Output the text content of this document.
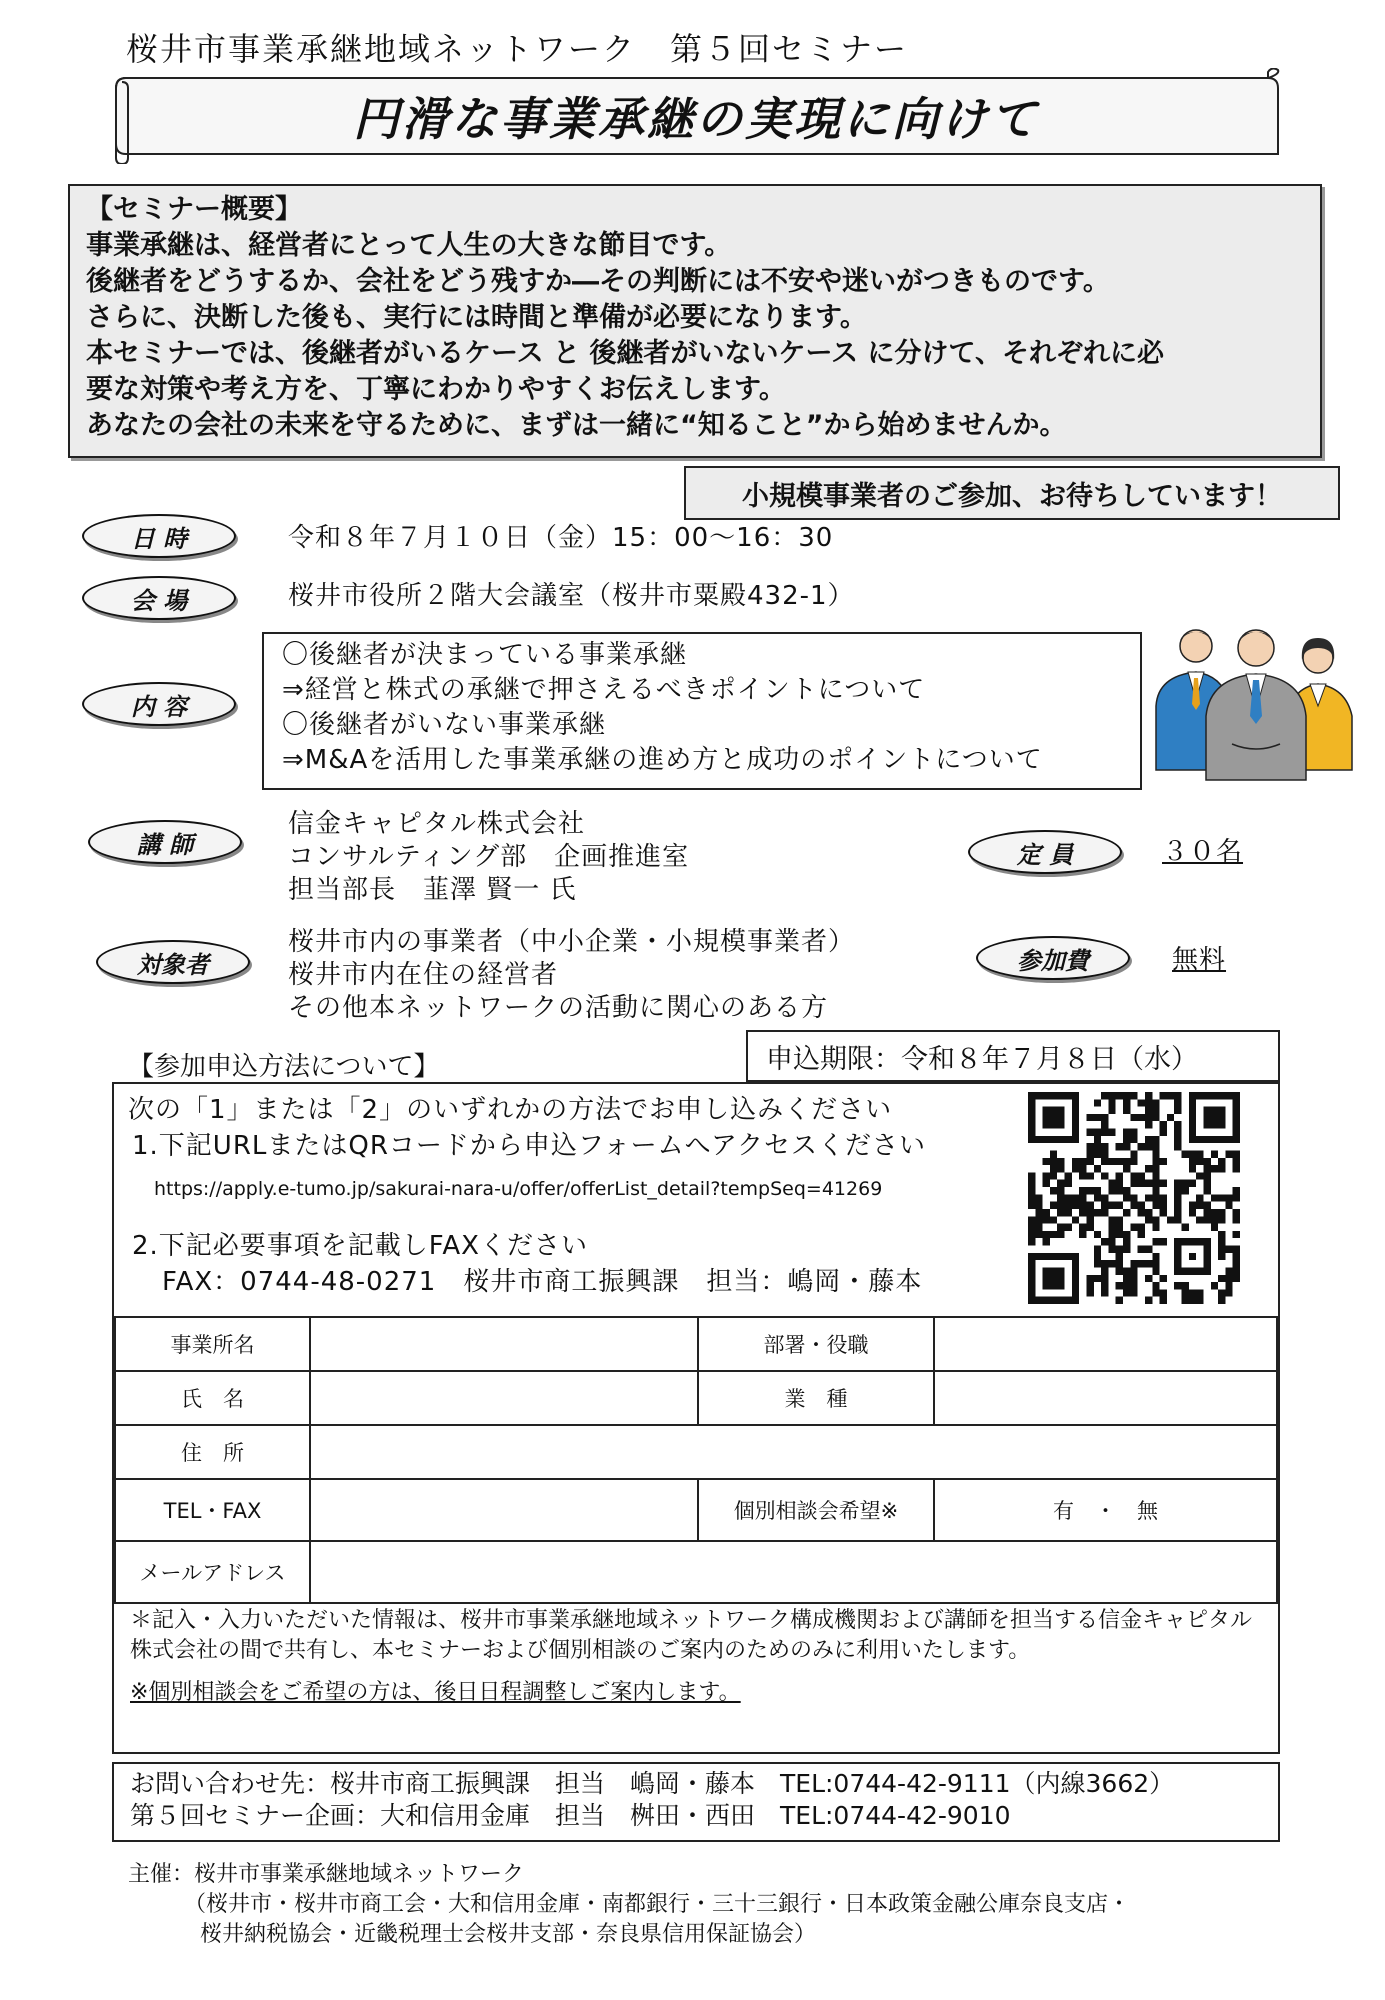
桜井市事業承継地域ネットワーク　第５回セミナー
円滑な事業承継の実現に向けて
【セミナー概要】
事業承継は、経営者にとって人生の大きな節目です。
後継者をどうするか、会社をどう残すか―その判断には不安や迷いがつきものです。
さらに、決断した後も、実行には時間と準備が必要になります。
本セミナーでは、後継者がいるケース と 後継者がいないケース に分けて、それぞれに必
要な対策や考え方を、丁寧にわかりやすくお伝えします。
あなたの会社の未来を守るために、まずは一緒に“知ること”から始めませんか。
小規模事業者のご参加、お待ちしています！
日 時	令和８年７月１０日（金）15：00～16：30
会 場	桜井市役所２階大会議室（桜井市粟殿432-1）
内 容
〇後継者が決まっている事業承継
⇒経営と株式の承継で押さえるべきポイントについて
〇後継者がいない事業承継
⇒M&Aを活用した事業承継の進め方と成功のポイントについて
講 師
信金キャピタル株式会社
コンサルティング部　企画推進室
担当部長　韮澤 賢一 氏
定 員	３０名
対象者
桜井市内の事業者（中小企業・小規模事業者）
桜井市内在住の経営者
その他本ネットワークの活動に関心のある方
参加費	無料
【参加申込方法について】	申込期限：令和８年７月８日（水）
次の「1」または「2」のいずれかの方法でお申し込みください
1.下記URLまたはQRコードから申込フォームへアクセスください
https://apply.e-tumo.jp/sakurai-nara-u/offer/offerList_detail?tempSeq=41269
2.下記必要事項を記載しFAXください
FAX：0744-48-0271　桜井市商工振興課　担当：嶋岡・藤本
事業所名		部署・役職	
氏　名		業　種	
住　所			
TEL・FAX		個別相談会希望※	有　・　無
メールアドレス			
＊記入・入力いただいた情報は、桜井市事業承継地域ネットワーク構成機関および講師を担当する信金キャピタル株式会社の間で共有し、本セミナーおよび個別相談のご案内のためのみに利用いたします。
※個別相談会をご希望の方は、後日日程調整しご案内します。
お問い合わせ先：桜井市商工振興課　担当　嶋岡・藤本　TEL:0744-42-9111（内線3662）
第５回セミナー企画：大和信用金庫　担当　桝田・西田　TEL:0744-42-9010
主催：桜井市事業承継地域ネットワーク
（桜井市・桜井市商工会・大和信用金庫・南都銀行・三十三銀行・日本政策金融公庫奈良支店・
桜井納税協会・近畿税理士会桜井支部・奈良県信用保証協会）
